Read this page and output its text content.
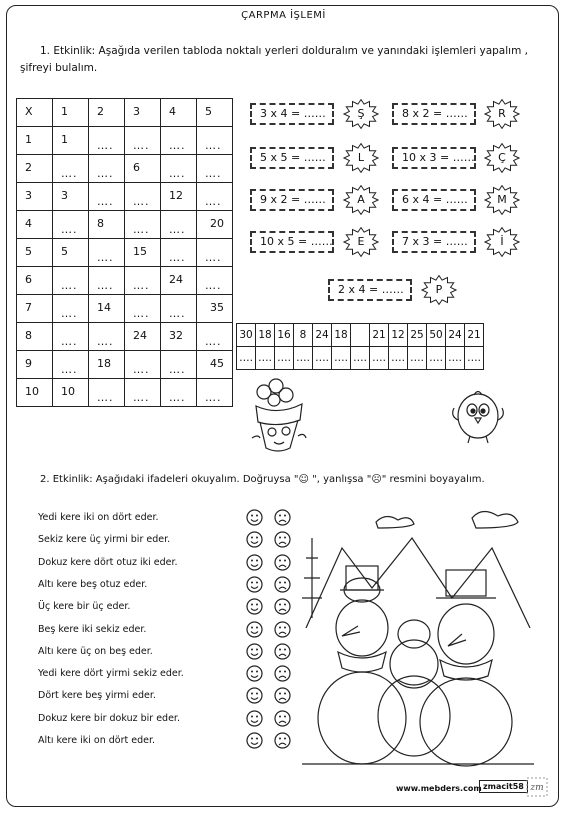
ÇARPMA İŞLEMİ
1. Etkinlik: Aşağıda verilen tabloda noktalı yerleri dolduralım ve yanındaki işlemleri yapalım ,
şifreyi bulalım.
X	1	2	3	4	5

1	1	….	….	….	….

2	….	….	6	….	….

3	3	….	….	12	….

4	….	8	….	….	20

5	5	….	15	….	….

6	….	….	….	24	….

7	….	14	….	….	35

8	….	….	24	32	….

9	….	18	….	….	45

10	10	….	….	….	….
3 x 4 = ……	Ş	8 x 2 = ……	R
5 x 5 = ……	L	10 x 3 = ……	Ç
9 x 2 = ……	A	6 x 4 = ……	M
10 x 5 = ……	E	7 x 3 = ……	İ
2 x 4 = ……	P
30	18	16	8	24	18		21	12	25	50	24	21
….	….	….	….	….	….	….	….	….	….	….	….	….
2. Etkinlik: Aşağıdaki ifadeleri okuyalım. Doğruysa "☺ ", yanlışsa "☹" resmini boyayalım.
Yedi kere iki on dört eder.
Sekiz kere üç yirmi bir eder.
Dokuz kere dört otuz iki eder.
Altı kere beş otuz eder.
Üç kere bir üç eder.
Beş kere iki sekiz eder.
Altı kere üç on beş eder.
Yedi kere dört yirmi sekiz eder.
Dört kere beş yirmi eder.
Dokuz kere bir dokuz bir eder.
Altı kere iki on dört eder.
www.mebders.com zmacit58 zm
